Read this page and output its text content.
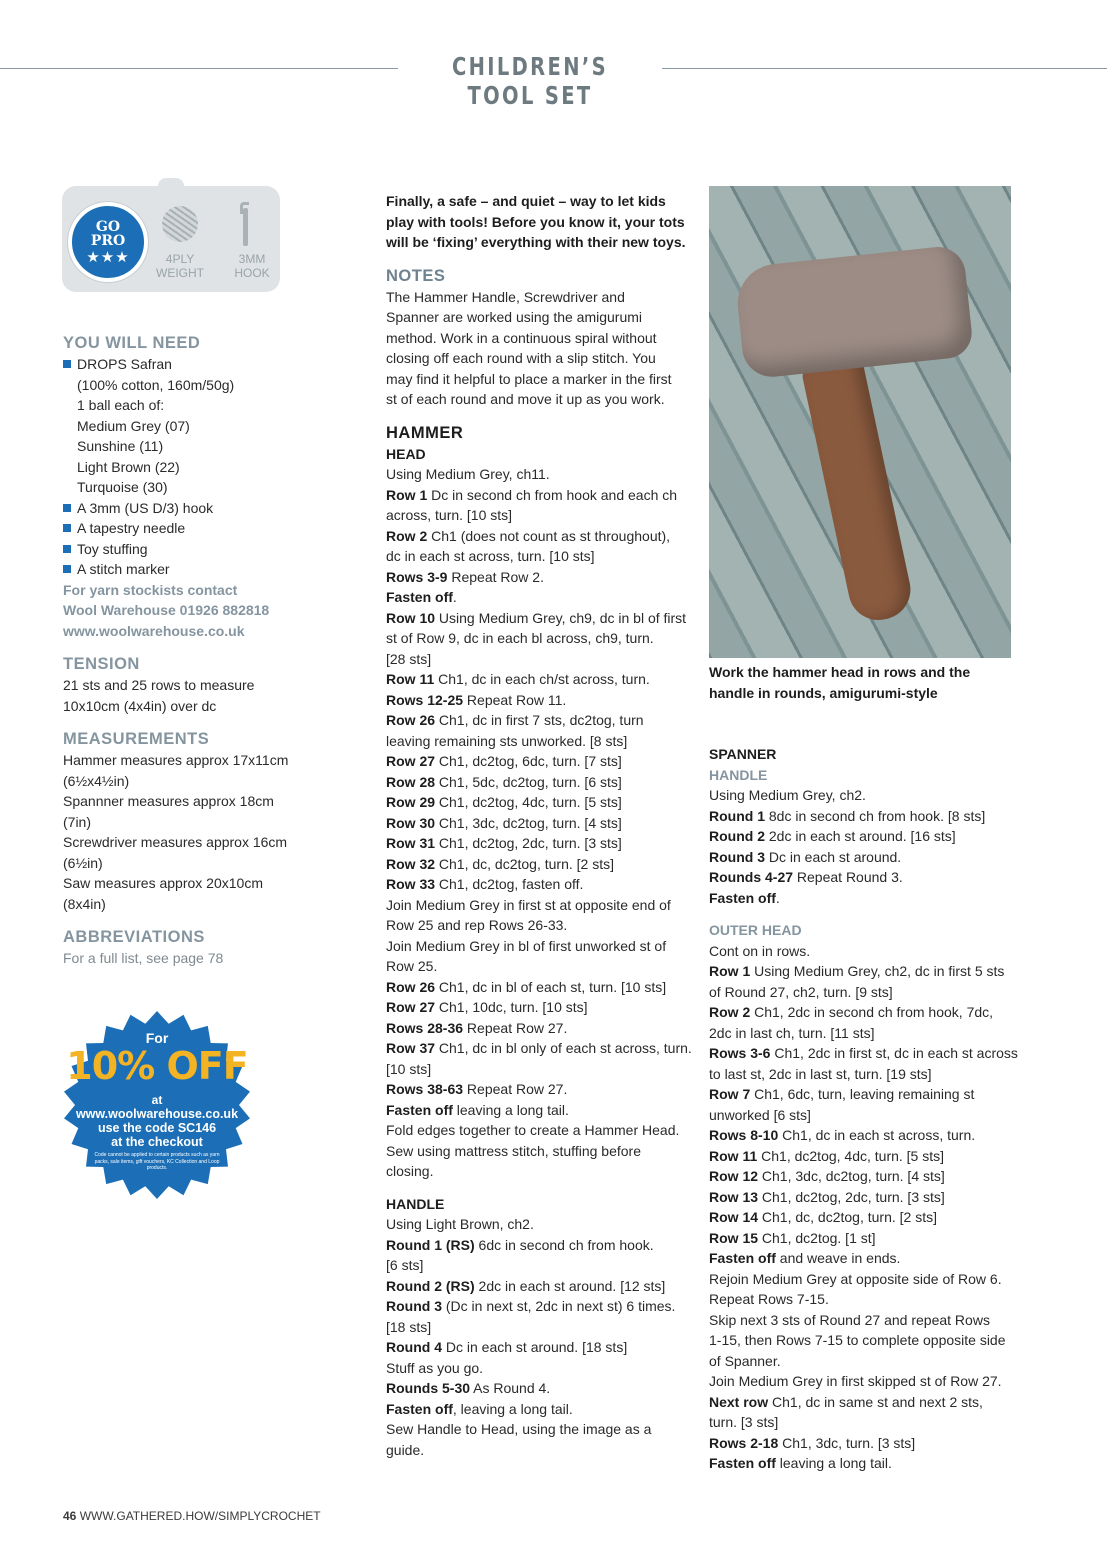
CHILDREN’S TOOL SET
GO
PRO
★★★	4PLY
WEIGHT
3MM
HOOK
YOU WILL NEED
DROPS Safran
(100% cotton, 160m/50g)
1 ball each of:
Medium Grey (07)
Sunshine (11)
Light Brown (22)
Turquoise (30)
A 3mm (US D/3) hook
A tapestry needle
Toy stuffing
A stitch marker
For yarn stockists contact
Wool Warehouse 01926 882818
www.woolwarehouse.co.uk
TENSION
21 sts and 25 rows to measure
10x10cm (4x4in) over dc
MEASUREMENTS
Hammer measures approx 17x11cm
(6½x4½in)
Spannner measures approx 18cm
(7in)
Screwdriver measures approx 16cm
(6½in)
Saw measures approx 20x10cm
(8x4in)
ABBREVIATIONS
For a full list, see page 78
For
10% OFF
at
www.woolwarehouse.co.uk
use the code SC146
at the checkout
Code cannot be applied to certain products such as yarn packs, sale items, gift vouchers, KC Collection and Loop products.
Finally, a safe – and quiet – way to let kids
play with tools! Before you know it, your tots
will be ‘fixing’ everything with their new toys.
NOTES
The Hammer Handle, Screwdriver and
Spanner are worked using the amigurumi
method. Work in a continuous spiral without
closing off each round with a slip stitch. You
may find it helpful to place a marker in the first
st of each round and move it up as you work.
HAMMER
HEAD
Using Medium Grey, ch11.
Row 1 Dc in second ch from hook and each ch
across, turn. [10 sts]
Row 2 Ch1 (does not count as st throughout),
dc in each st across, turn. [10 sts]
Rows 3-9 Repeat Row 2.
Fasten off.
Row 10 Using Medium Grey, ch9, dc in bl of first
st of Row 9, dc in each bl across, ch9, turn.
[28 sts]
Row 11 Ch1, dc in each ch/st across, turn.
Rows 12-25 Repeat Row 11.
Row 26 Ch1, dc in first 7 sts, dc2tog, turn
leaving remaining sts unworked. [8 sts]
Row 27 Ch1, dc2tog, 6dc, turn. [7 sts]
Row 28 Ch1, 5dc, dc2tog, turn. [6 sts]
Row 29 Ch1, dc2tog, 4dc, turn. [5 sts]
Row 30 Ch1, 3dc, dc2tog, turn. [4 sts]
Row 31 Ch1, dc2tog, 2dc, turn. [3 sts]
Row 32 Ch1, dc, dc2tog, turn. [2 sts]
Row 33 Ch1, dc2tog, fasten off.
Join Medium Grey in first st at opposite end of
Row 25 and rep Rows 26-33.
Join Medium Grey in bl of first unworked st of
Row 25.
Row 26 Ch1, dc in bl of each st, turn. [10 sts]
Row 27 Ch1, 10dc, turn. [10 sts]
Rows 28-36 Repeat Row 27.
Row 37 Ch1, dc in bl only of each st across, turn.
[10 sts]
Rows 38-63 Repeat Row 27.
Fasten off leaving a long tail.
Fold edges together to create a Hammer Head.
Sew using mattress stitch, stuffing before
closing.
HANDLE
Using Light Brown, ch2.
Round 1 (RS) 6dc in second ch from hook.
[6 sts]
Round 2 (RS) 2dc in each st around. [12 sts]
Round 3 (Dc in next st, 2dc in next st) 6 times.
[18 sts]
Round 4 Dc in each st around. [18 sts]
Stuff as you go.
Rounds 5-30 As Round 4.
Fasten off, leaving a long tail.
Sew Handle to Head, using the image as a
guide.
Work the hammer head in rows and the
handle in rounds, amigurumi-style
SPANNER
HANDLE
Using Medium Grey, ch2.
Round 1 8dc in second ch from hook. [8 sts]
Round 2 2dc in each st around. [16 sts]
Round 3 Dc in each st around.
Rounds 4-27 Repeat Round 3.
Fasten off.
OUTER HEAD
Cont on in rows.
Row 1 Using Medium Grey, ch2, dc in first 5 sts
of Round 27, ch2, turn. [9 sts]
Row 2 Ch1, 2dc in second ch from hook, 7dc,
2dc in last ch, turn. [11 sts]
Rows 3-6 Ch1, 2dc in first st, dc in each st across
to last st, 2dc in last st, turn. [19 sts]
Row 7 Ch1, 6dc, turn, leaving remaining st
unworked [6 sts]
Rows 8-10 Ch1, dc in each st across, turn.
Row 11 Ch1, dc2tog, 4dc, turn. [5 sts]
Row 12 Ch1, 3dc, dc2tog, turn. [4 sts]
Row 13 Ch1, dc2tog, 2dc, turn. [3 sts]
Row 14 Ch1, dc, dc2tog, turn. [2 sts]
Row 15 Ch1, dc2tog. [1 st]
Fasten off and weave in ends.
Rejoin Medium Grey at opposite side of Row 6.
Repeat Rows 7-15.
Skip next 3 sts of Round 27 and repeat Rows
1-15, then Rows 7-15 to complete opposite side
of Spanner.
Join Medium Grey in first skipped st of Row 27.
Next row Ch1, dc in same st and next 2 sts,
turn. [3 sts]
Rows 2-18 Ch1, 3dc, turn. [3 sts]
Fasten off leaving a long tail.
46 WWW.GATHERED.HOW/SIMPLYCROCHET
